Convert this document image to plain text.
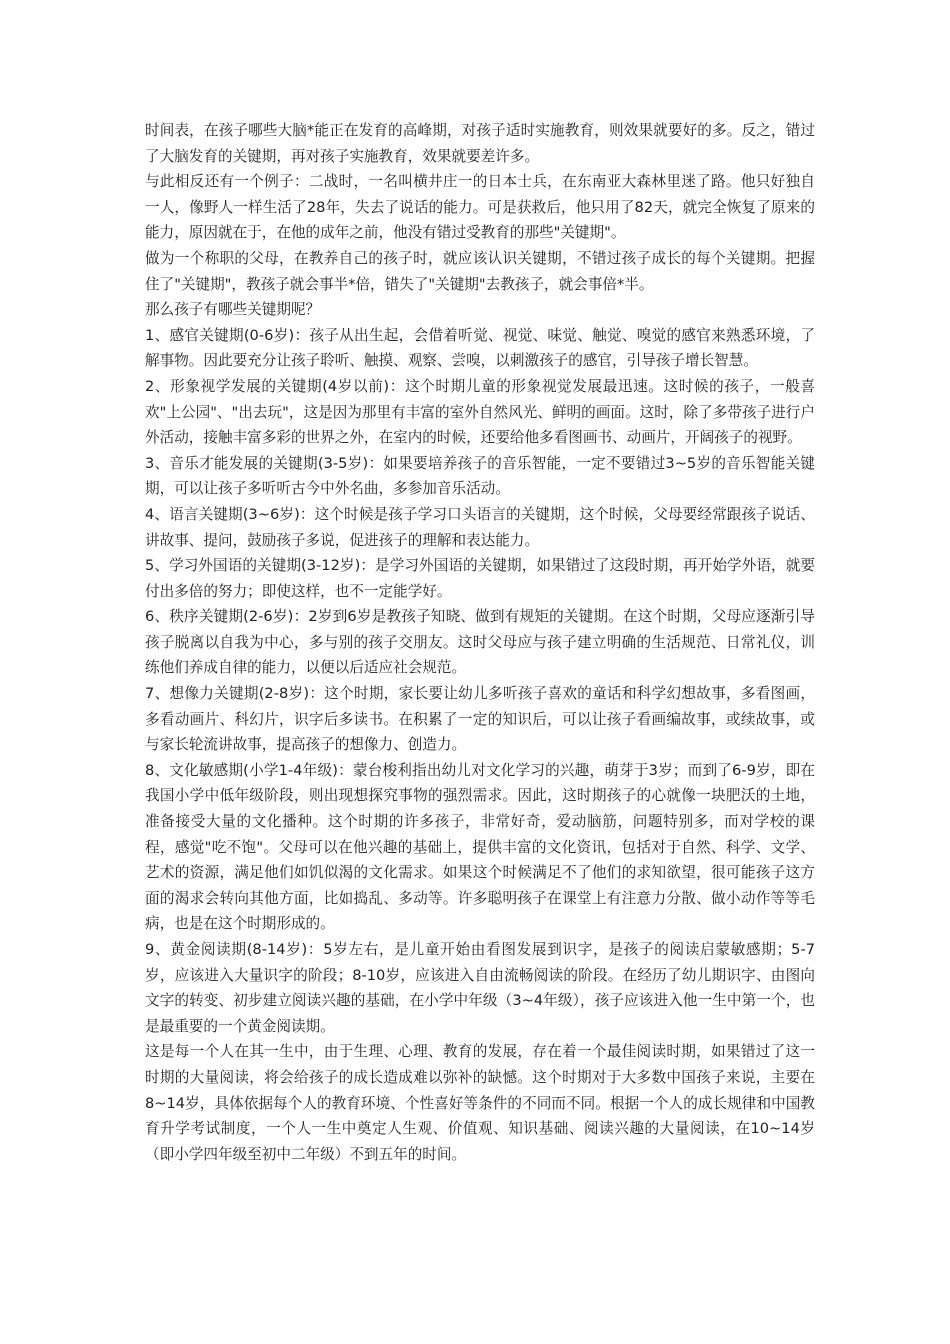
时间表，在孩子哪些大脑*能正在发育的高峰期，对孩子适时实施教育，则效果就要好的多。反之，错过了大脑发育的关键期，再对孩子实施教育，效果就要差许多。

与此相反还有一个例子：二战时，一名叫横井庄一的日本士兵，在东南亚大森林里迷了路。他只好独自一人，像野人一样生活了28年，失去了说话的能力。可是获救后，他只用了82天，就完全恢复了原来的能力，原因就在于，在他的成年之前，他没有错过受教育的那些"关键期"。

做为一个称职的父母，在教养自己的孩子时，就应该认识关键期，不错过孩子成长的每个关键期。把握住了"关键期"，教孩子就会事半*倍，错失了"关键期"去教孩子，就会事倍*半。

那么孩子有哪些关键期呢？

1、感官关键期(0-6岁)：孩子从出生起，会借着听觉、视觉、味觉、触觉、嗅觉的感官来熟悉环境，了解事物。因此要充分让孩子聆听、触摸、观察、尝嗅，以刺激孩子的感官，引导孩子增长智慧。

2、形象视学发展的关键期(4岁以前)：这个时期儿童的形象视觉发展最迅速。这时候的孩子，一般喜欢"上公园"、"出去玩"，这是因为那里有丰富的室外自然风光、鲜明的画面。这时，除了多带孩子进行户外活动，接触丰富多彩的世界之外，在室内的时候，还要给他多看图画书、动画片，开阔孩子的视野。

3、音乐才能发展的关键期(3-5岁)：如果要培养孩子的音乐智能，一定不要错过3~5岁的音乐智能关键期，可以让孩子多听听古今中外名曲，多参加音乐活动。

4、语言关键期(3~6岁)：这个时候是孩子学习口头语言的关键期，这个时候，父母要经常跟孩子说话、讲故事、提问，鼓励孩子多说，促进孩子的理解和表达能力。

5、学习外国语的关键期(3-12岁)：是学习外国语的关键期，如果错过了这段时期，再开始学外语，就要付出多倍的努力；即使这样，也不一定能学好。

6、秩序关键期(2-6岁)：2岁到6岁是教孩子知晓、做到有规矩的关键期。在这个时期，父母应逐渐引导孩子脱离以自我为中心，多与别的孩子交朋友。这时父母应与孩子建立明确的生活规范、日常礼仪，训练他们养成自律的能力，以便以后适应社会规范。

7、想像力关键期(2-8岁)：这个时期，家长要让幼儿多听孩子喜欢的童话和科学幻想故事，多看图画，多看动画片、科幻片，识字后多读书。在积累了一定的知识后，可以让孩子看画编故事，或续故事，或与家长轮流讲故事，提高孩子的想像力、创造力。

8、文化敏感期(小学1-4年级)：蒙台梭利指出幼儿对文化学习的兴趣，萌芽于3岁；而到了6-9岁，即在我国小学中低年级阶段，则出现想探究事物的强烈需求。因此，这时期孩子的心就像一块肥沃的土地，准备接受大量的文化播种。这个时期的许多孩子，非常好奇，爱动脑筋，问题特别多，而对学校的课程，感觉"吃不饱"。父母可以在他兴趣的基础上，提供丰富的文化资讯，包括对于自然、科学、文学、艺术的资源，满足他们如饥似渴的文化需求。如果这个时候满足不了他们的求知欲望，很可能孩子这方面的渴求会转向其他方面，比如捣乱、多动等。许多聪明孩子在课堂上有注意力分散、做小动作等等毛病，也是在这个时期形成的。

9、黄金阅读期(8-14岁)：5岁左右，是儿童开始由看图发展到识字，是孩子的阅读启蒙敏感期；5-7岁，应该进入大量识字的阶段；8-10岁，应该进入自由流畅阅读的阶段。在经历了幼儿期识字、由图向文字的转变、初步建立阅读兴趣的基础，在小学中年级（3~4年级），孩子应该进入他一生中第一个，也是最重要的一个黄金阅读期。

这是每一个人在其一生中，由于生理、心理、教育的发展，存在着一个最佳阅读时期，如果错过了这一时期的大量阅读，将会给孩子的成长造成难以弥补的缺憾。这个时期对于大多数中国孩子来说，主要在8~14岁，具体依据每个人的教育环境、个性喜好等条件的不同而不同。根据一个人的成长规律和中国教育升学考试制度，一个人一生中奠定人生观、价值观、知识基础、阅读兴趣的大量阅读，在10~14岁（即小学四年级至初中二年级）不到五年的时间。
